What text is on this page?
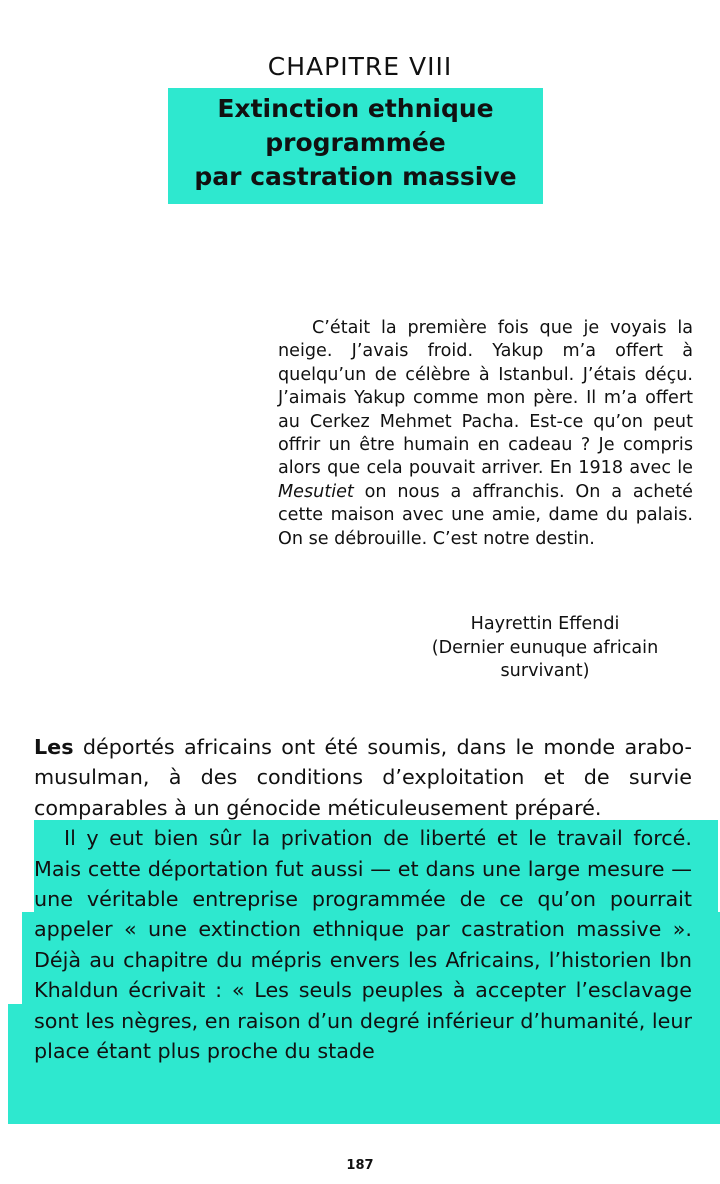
CHAPITRE VIII
Extinction ethnique
programmée
par castration massive

C’était la première fois que je voyais la neige. J’avais froid. Yakup m’a offert à quelqu’un de célèbre à Istanbul. J’étais déçu. J’aimais Yakup comme mon père. Il m’a offert au Cerkez Mehmet Pacha. Est-ce qu’on peut offrir un être humain en cadeau ? Je compris alors que cela pouvait arriver. En 1918 avec le Mesutiet on nous a affranchis. On a acheté cette maison avec une amie, dame du palais. On se débrouille. C’est notre destin.

Hayrettin Effendi
(Dernier eunuque africain
survivant)

Les déportés africains ont été soumis, dans le monde arabo-musulman, à des conditions d’exploitation et de survie comparables à un génocide méticuleusement préparé.

Il y eut bien sûr la privation de liberté et le travail forcé. Mais cette déportation fut aussi — et dans une large mesure — une véritable entreprise programmée de ce qu’on pourrait appeler « une extinction ethnique par castration massive ». Déjà au chapitre du mépris envers les Africains, l’historien Ibn Khaldun écrivait : « Les seuls peuples à accepter l’esclavage sont les nègres, en raison d’un degré inférieur d’humanité, leur place étant plus proche du stade

187
